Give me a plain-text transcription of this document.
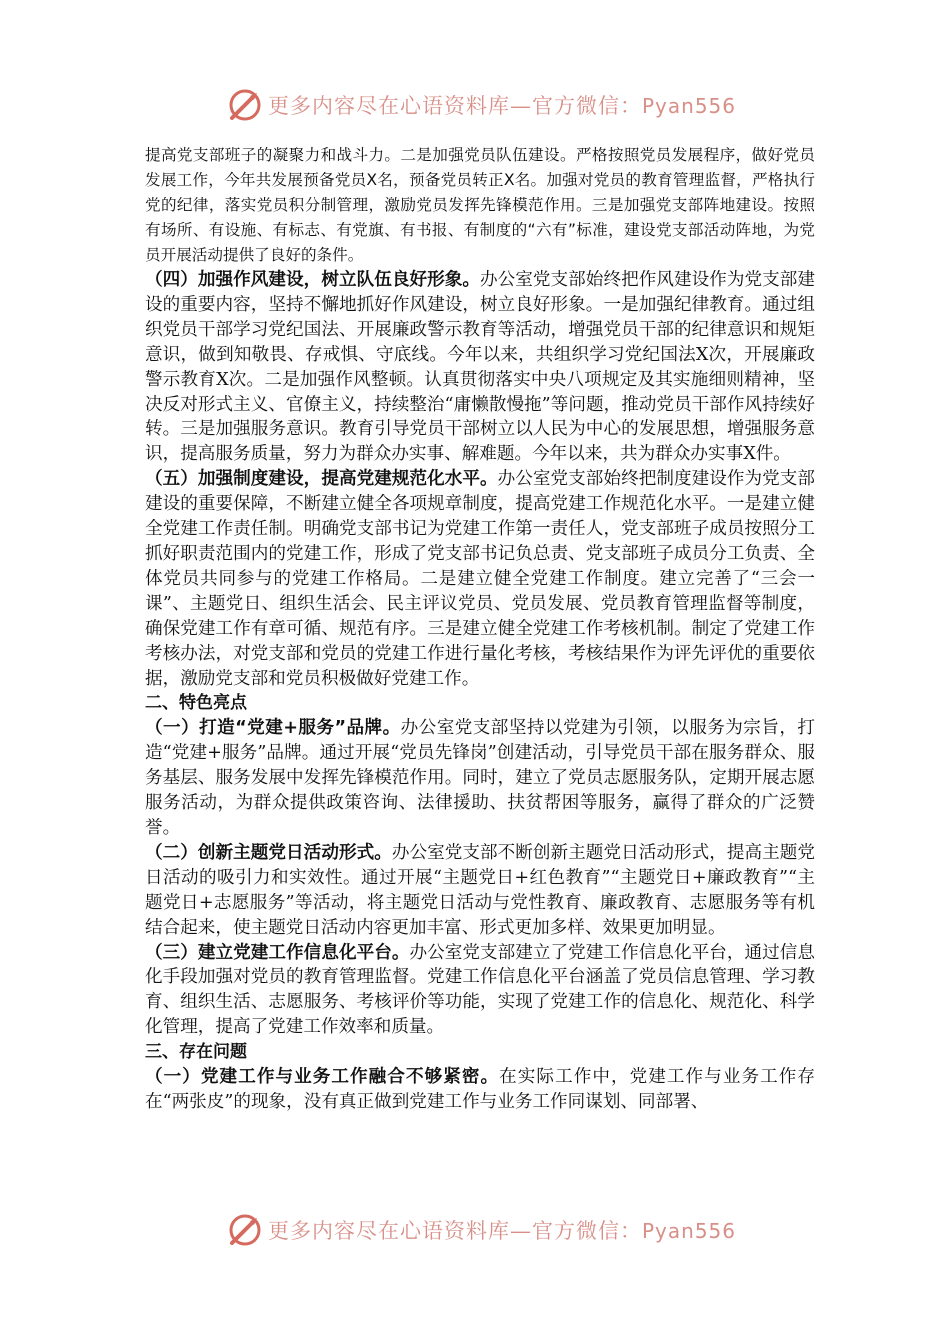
更多内容尽在心语资料库—官方微信：Pyan556

提高党支部班子的凝聚力和战斗力。二是加强党员队伍建设。严格按照党员发展程序，做好党员发展工作，今年共发展预备党员X名，预备党员转正X名。加强对党员的教育管理监督，严格执行党的纪律，落实党员积分制管理，激励党员发挥先锋模范作用。三是加强党支部阵地建设。按照有场所、有设施、有标志、有党旗、有书报、有制度的“六有”标准，建设党支部活动阵地，为党员开展活动提供了良好的条件。

（四）加强作风建设，树立队伍良好形象。办公室党支部始终把作风建设作为党支部建设的重要内容，坚持不懈地抓好作风建设，树立良好形象。一是加强纪律教育。通过组织党员干部学习党纪国法、开展廉政警示教育等活动，增强党员干部的纪律意识和规矩意识，做到知敬畏、存戒惧、守底线。今年以来，共组织学习党纪国法X次，开展廉政警示教育X次。二是加强作风整顿。认真贯彻落实中央八项规定及其实施细则精神，坚决反对形式主义、官僚主义，持续整治“庸懒散慢拖”等问题，推动党员干部作风持续好转。三是加强服务意识。教育引导党员干部树立以人民为中心的发展思想，增强服务意识，提高服务质量，努力为群众办实事、解难题。今年以来，共为群众办实事X件。

（五）加强制度建设，提高党建规范化水平。办公室党支部始终把制度建设作为党支部建设的重要保障，不断建立健全各项规章制度，提高党建工作规范化水平。一是建立健全党建工作责任制。明确党支部书记为党建工作第一责任人，党支部班子成员按照分工抓好职责范围内的党建工作，形成了党支部书记负总责、党支部班子成员分工负责、全体党员共同参与的党建工作格局。二是建立健全党建工作制度。建立完善了“三会一课”、主题党日、组织生活会、民主评议党员、党员发展、党员教育管理监督等制度，确保党建工作有章可循、规范有序。三是建立健全党建工作考核机制。制定了党建工作考核办法，对党支部和党员的党建工作进行量化考核，考核结果作为评先评优的重要依据，激励党支部和党员积极做好党建工作。

二、特色亮点

（一）打造“党建+服务”品牌。办公室党支部坚持以党建为引领，以服务为宗旨，打造“党建+服务”品牌。通过开展“党员先锋岗”创建活动，引导党员干部在服务群众、服务基层、服务发展中发挥先锋模范作用。同时，建立了党员志愿服务队，定期开展志愿服务活动，为群众提供政策咨询、法律援助、扶贫帮困等服务，赢得了群众的广泛赞誉。

（二）创新主题党日活动形式。办公室党支部不断创新主题党日活动形式，提高主题党日活动的吸引力和实效性。通过开展“主题党日+红色教育”“主题党日+廉政教育”“主题党日+志愿服务”等活动，将主题党日活动与党性教育、廉政教育、志愿服务等有机结合起来，使主题党日活动内容更加丰富、形式更加多样、效果更加明显。

（三）建立党建工作信息化平台。办公室党支部建立了党建工作信息化平台，通过信息化手段加强对党员的教育管理监督。党建工作信息化平台涵盖了党员信息管理、学习教育、组织生活、志愿服务、考核评价等功能，实现了党建工作的信息化、规范化、科学化管理，提高了党建工作效率和质量。

三、存在问题

（一）党建工作与业务工作融合不够紧密。在实际工作中，党建工作与业务工作存在“两张皮”的现象，没有真正做到党建工作与业务工作同谋划、同部署、

更多内容尽在心语资料库—官方微信：Pyan556
